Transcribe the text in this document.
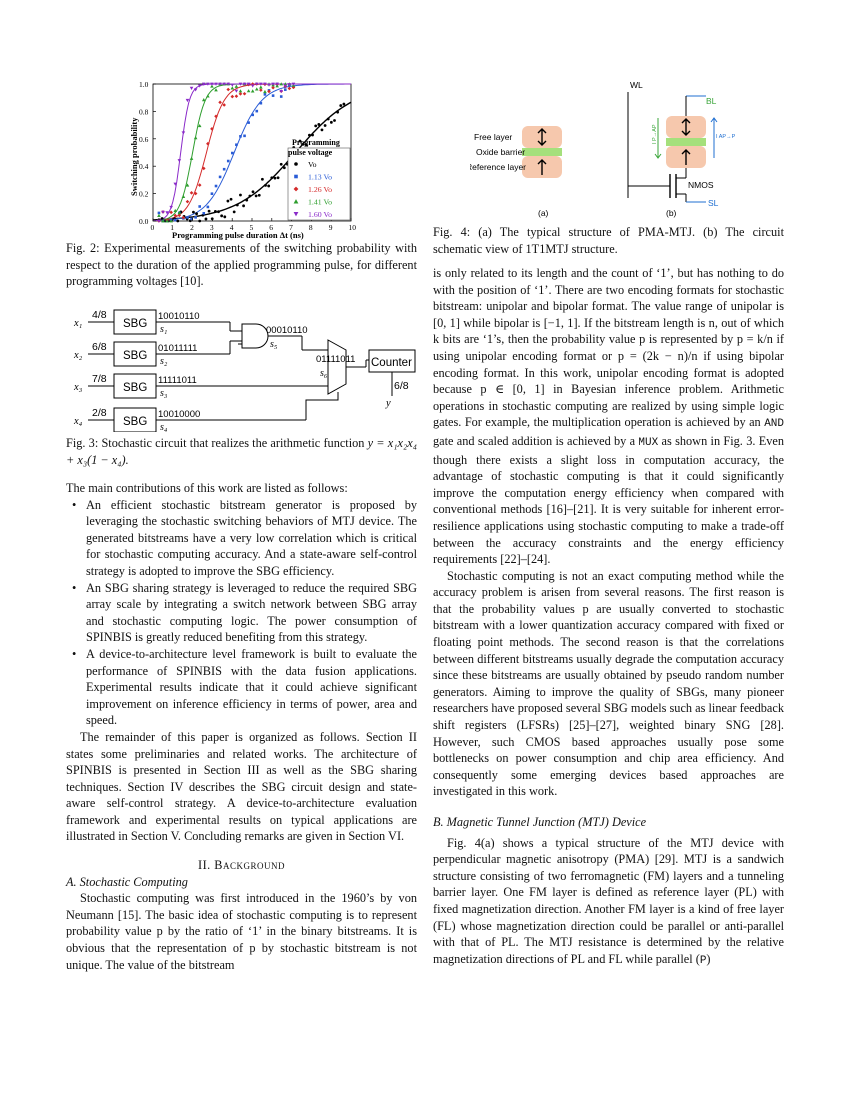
0 1 2 3 4 5 6 7 8 9 10
0.0
0.2
0.4
0.6
0.8
1.0
Switching probability
Programming pulse duration Δt (ns)
Programming
pulse voltage
Vo
1.13 Vo
1.26 Vo
1.41 Vo
1.60 Vo
Fig. 2: Experimental measurements of the switching probability with respect to the duration of the applied programming pulse, for different programming voltages [10].
x₁
4/8
SBG
10010110
s₁
x₂
6/8
SBG
01011111
s₂
00010110
s₅
x₃
7/8
SBG
11111011
s₃
x₄
2/8
SBG
10010000
s₄
01111011
s₆
Counter
6/8
y
Fig. 3: Stochastic circuit that realizes the arithmetic function y = x₁x₂x₄ + x₃(1 − x₄).

The main contributions of this work are listed as follows:

• An efficient stochastic bitstream generator is proposed by leveraging the stochastic switching behaviors of MTJ device. The generated bitstreams have a very low correlation which is critical for stochastic computing accuracy. And a state-aware self-control strategy is adopted to improve the SBG efficiency.
• An SBG sharing strategy is leveraged to reduce the required SBG array scale by integrating a switch network between SBG array and stochastic computing logic. The power consumption of SPINBIS is greatly reduced benefiting from this strategy.
• A device-to-architecture level framework is built to evaluate the performance of SPINBIS with the data fusion applications. Experimental results indicate that it could achieve significant improvement on inference efficiency in terms of power, area and speed.

The remainder of this paper is organized as follows. Section II states some preliminaries and related works. The architecture of SPINBIS is presented in Section III as well as the SBG sharing techniques. Section IV describes the SBG circuit design and state-aware self-control strategy. A device-to-architecture evaluation framework and experimental results on typical applications are illustrated in Section V. Concluding remarks are given in Section VI.

II. Background

A. Stochastic Computing

Stochastic computing was first introduced in the 1960’s by von Neumann [15]. The basic idea of stochastic computing is to represent probability value p by the ratio of ‘1’ in the binary bitstreams. It is obvious that the representation of p by stochastic bitstream is not unique. The value of the bitstream

Free layer
Oxide barrier
Reference layer
(a)
WL
BL
I P→AP	I AP→P
NMOS
SL
(b)
Fig. 4: (a) The typical structure of PMA-MTJ. (b) The circuit schematic view of 1T1MTJ structure.

is only related to its length and the count of ‘1’, but has nothing to do with the position of ‘1’. There are two encoding formats for stochastic bitstream: unipolar and bipolar format. The value range of unipolar is [0, 1] while bipolar is [−1, 1]. If the bitstream length is n, out of which k bits are ‘1’s, then the probability value p is represented by p = k/n if using unipolar encoding format or p = (2k − n)/n if using bipolar encoding format. In this work, unipolar encoding format is adopted because p ∈ [0, 1] in Bayesian inference problem. Arithmetic operations in stochastic computing are realized by using simple logic gates. For example, the multiplication operation is achieved by an AND gate and scaled addition is achieved by a MUX as shown in Fig. 3. Even though there exists a slight loss in computation accuracy, the advantage of stochastic computing is that it could significantly improve the computation energy efficiency when compared with conventional methods [16]–[21]. It is very suitable for inherent error-resilience applications using stochastic computing to make a trade-off between the accuracy constraints and the energy efficiency requirements [22]–[24].

Stochastic computing is not an exact computing method while the accuracy problem is arisen from several reasons. The first reason is that the probability values p are usually converted to stochastic bitstream with a lower quantization accuracy compared with fixed or floating point methods. The second reason is that the correlations between different bitstreams usually degrade the computation accuracy since these bitstreams are usually obtained by pseudo random number generators. Aiming to improve the quality of SBGs, many pioneer researchers have proposed several SBG models such as linear feedback shift registers (LFSRs) [25]–[27], weighted binary SNG [28]. However, such CMOS based approaches usually pose some bottlenecks on power consumption and chip area efficiency. And consequently some emerging devices based approaches are investigated in this work.

B. Magnetic Tunnel Junction (MTJ) Device

Fig. 4(a) shows a typical structure of the MTJ device with perpendicular magnetic anisotropy (PMA) [29]. MTJ is a sandwich structure consisting of two ferromagnetic (FM) layers and a tunneling barrier layer. One FM layer is defined as reference layer (PL) with fixed magnetization direction. Another FM layer is a kind of free layer (FL) whose magnetization direction could be parallel or anti-parallel with that of PL. The MTJ resistance is determined by the relative magnetization directions of PL and FL while parallel (P)
